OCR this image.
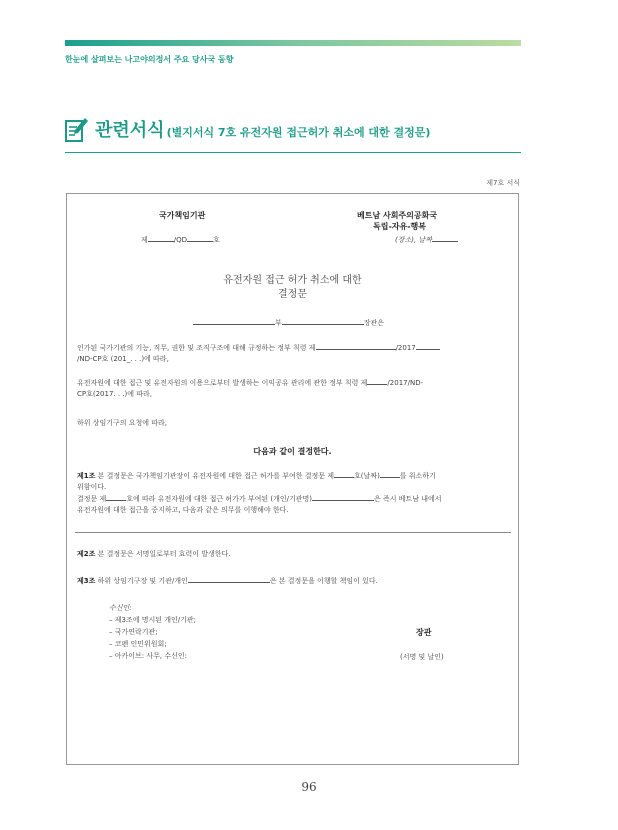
한눈에 살펴보는 나고야의정서 주요 당사국 동향
관련서식 (별지서식 7호 유전자원 접근허가 취소에 대한 결정문)
제7호 서식
국가책임기관
제	/QD	호
베트남 사회주의공화국
독립-자유-행복
(장소), 날짜
유전자원 접근 허가 취소에 대한
결정문
부	장관은
인가된 국가기관의 기능, 직무, 권한 및 조직구조에 대해 규정하는 정부 칙령 제	/2017
/ND-CP호 (201_. . .)에 따라,
유전자원에 대한 접근 및 유전자원의 이용으로부터 발생하는 이익공유 관리에 관한 정부 칙령 제	/2017/ND-
CP호(2017. . .)에 따라,
하위 상임기구의 요청에 따라,
다음과 같이 결정한다.
제1조 본 결정문은 국가책임기관장이 유전자원에 대한 접근 허가를 부여한 결정문 제	호(날짜)	를 취소하기
위함이다.
결정문 제	호에 따라 유전자원에 대한 접근 허가가 부여된 (개인/기관명)	은 즉시 베트남 내에서
유전자원에 대한 접근을 중지하고, 다음과 같은 의무를 이행해야 한다.
제2조 본 결정문은 서명일로부터 효력이 발생한다.
제3조 하위 상임기구장 및 기관/개인	은 본 결정문을 이행할 책임이 있다.
수신인:
– 제3조에 명시된 개인/기관;
– 국가연락기관;
– 코펜 인민위원회;
– 아카이브: 사무, 수신인:
장관
(서명 및 날인)
96
